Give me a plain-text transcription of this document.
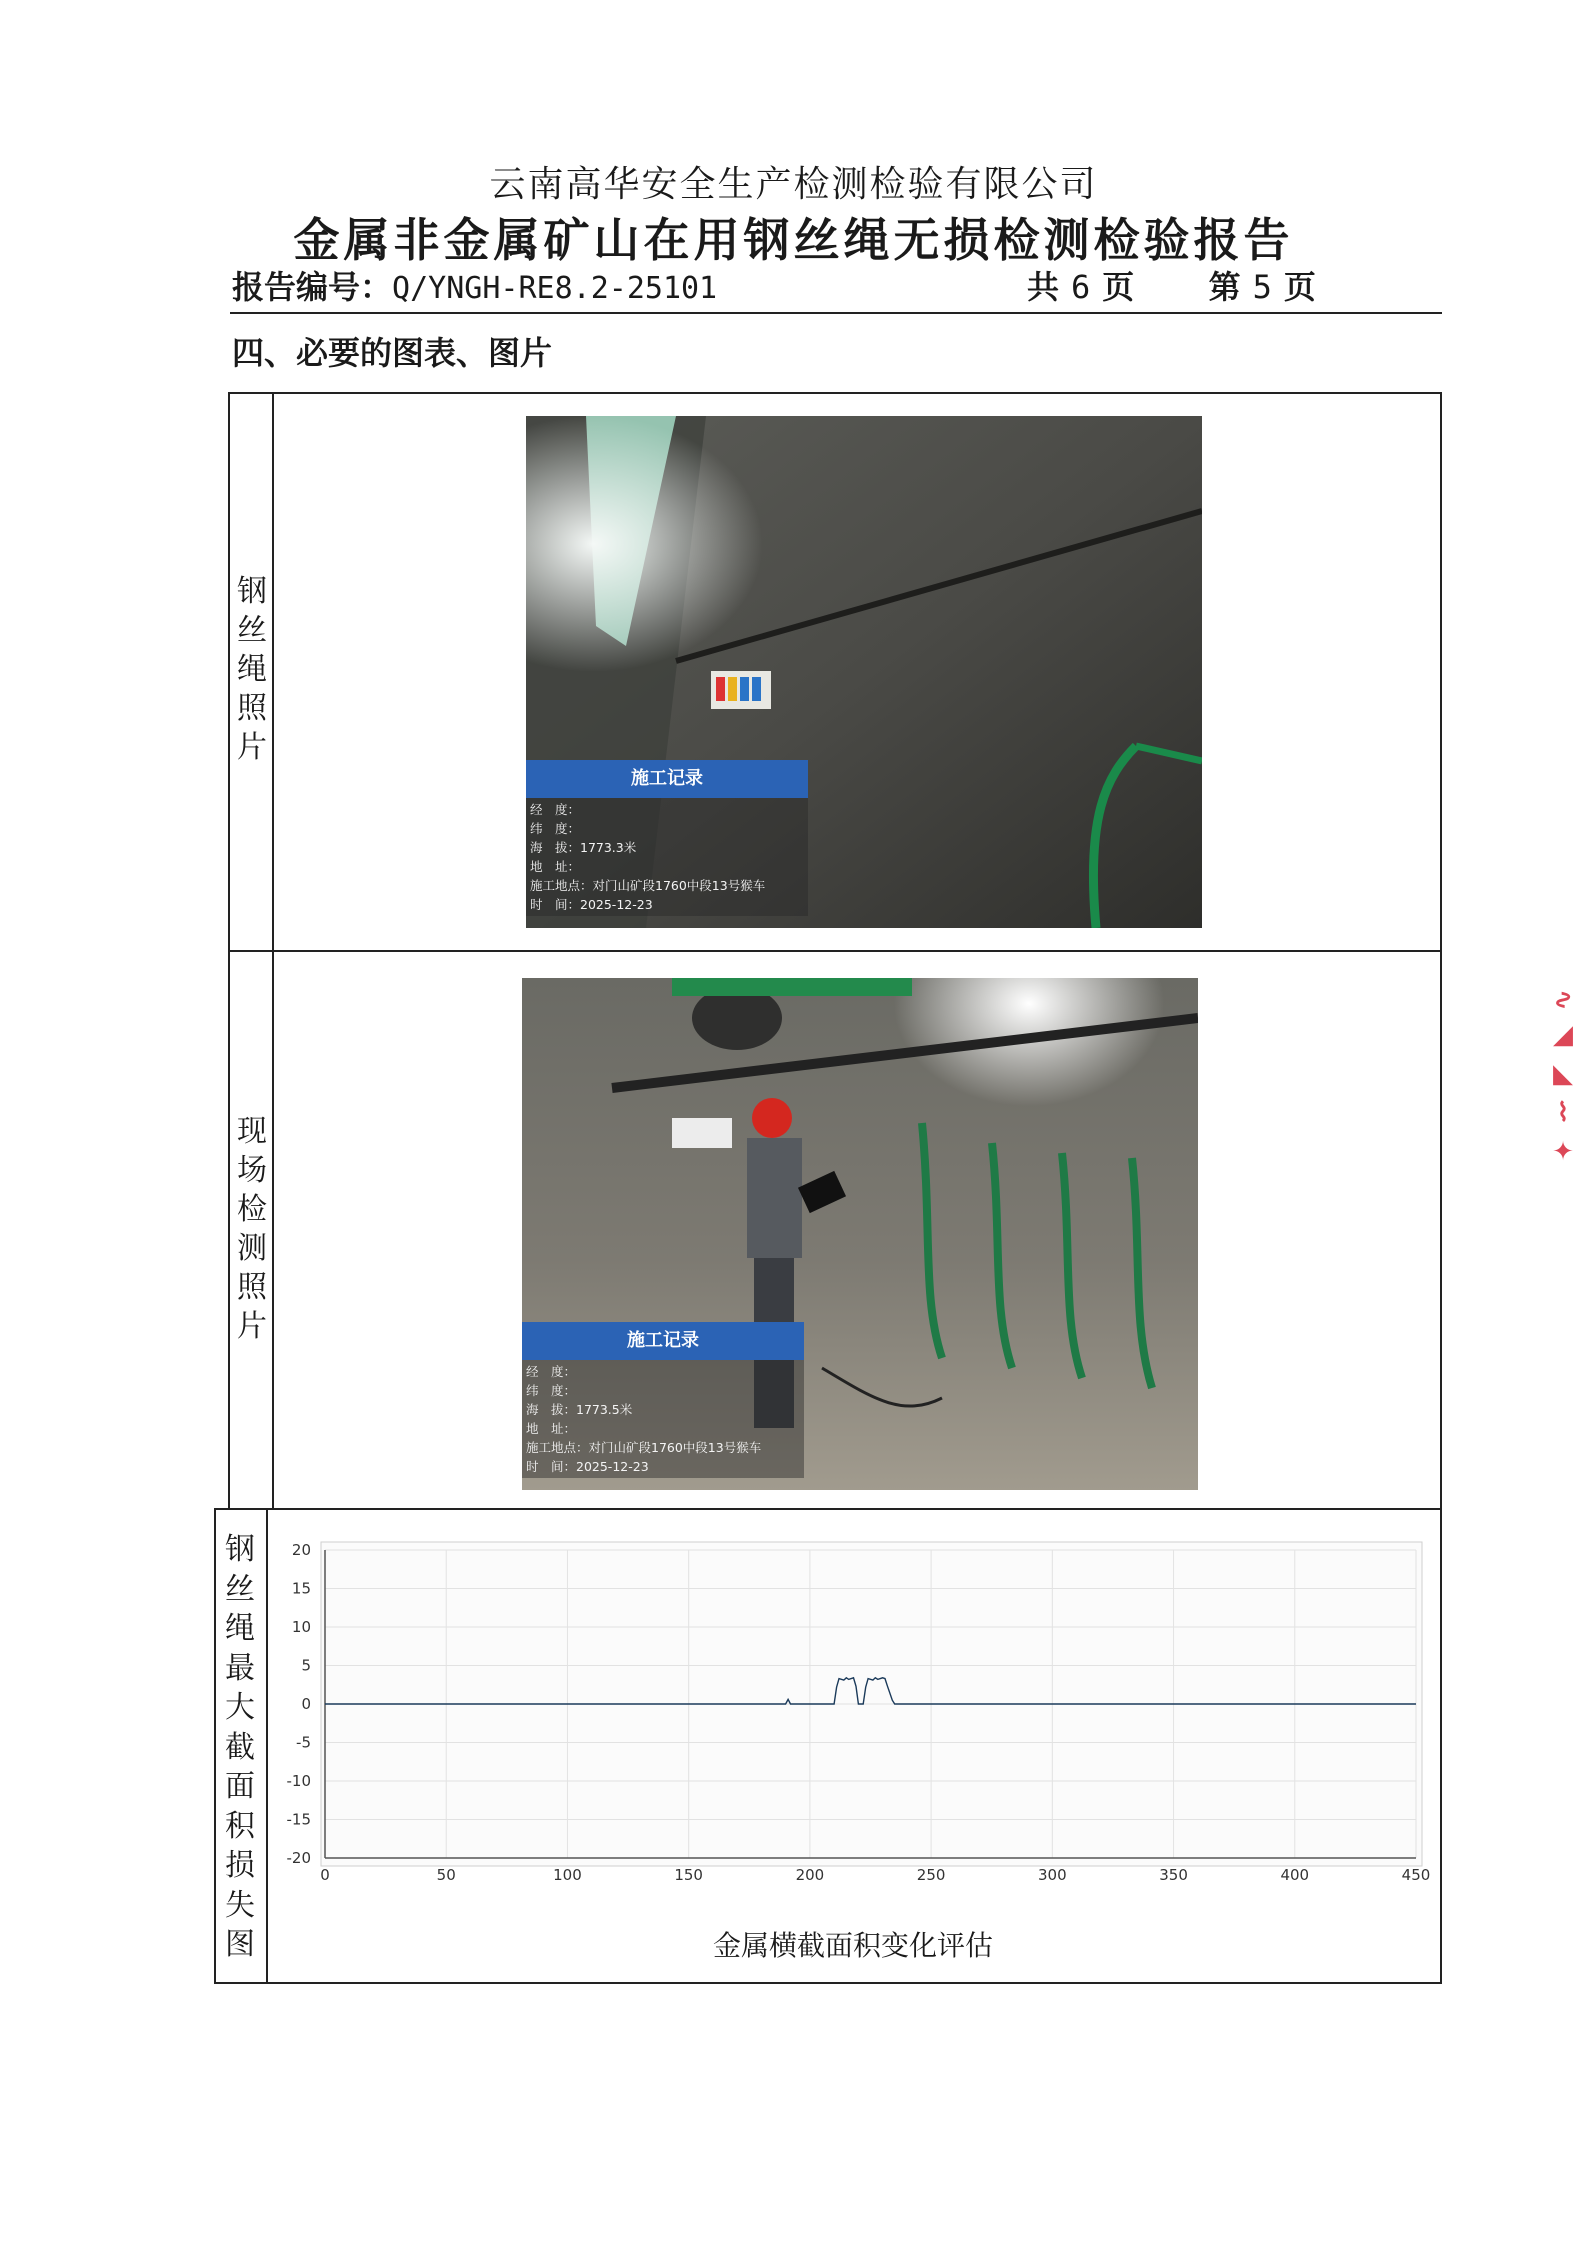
云南高华安全生产检测检验有限公司
金属非金属矿山在用钢丝绳无损检测检验报告
报告编号：Q/YNGH-RE8.2-25101	共 6 页 第 5 页
四、必要的图表、图片
钢
丝
绳
照
片
现
场
检
测
照
片
钢
丝
绳
最
大
截
面
积
损
失
图
施工记录
经　度：
纬　度：
海　拔：1773.3米
地　址：
施工地点：对门山矿段1760中段13号猴车
时　间：2025-12-23
施工记录
经　度：
纬　度：
海　拔：1773.5米
地　址：
施工地点：对门山矿段1760中段13号猴车
时　间：2025-12-23
20
15
10
5
0
-5
-10
-15
-20
0	50	100	150	200	250	300	350	400	450
金属横截面积变化评估
∿ ◢ ◣ ⌇ ✦
